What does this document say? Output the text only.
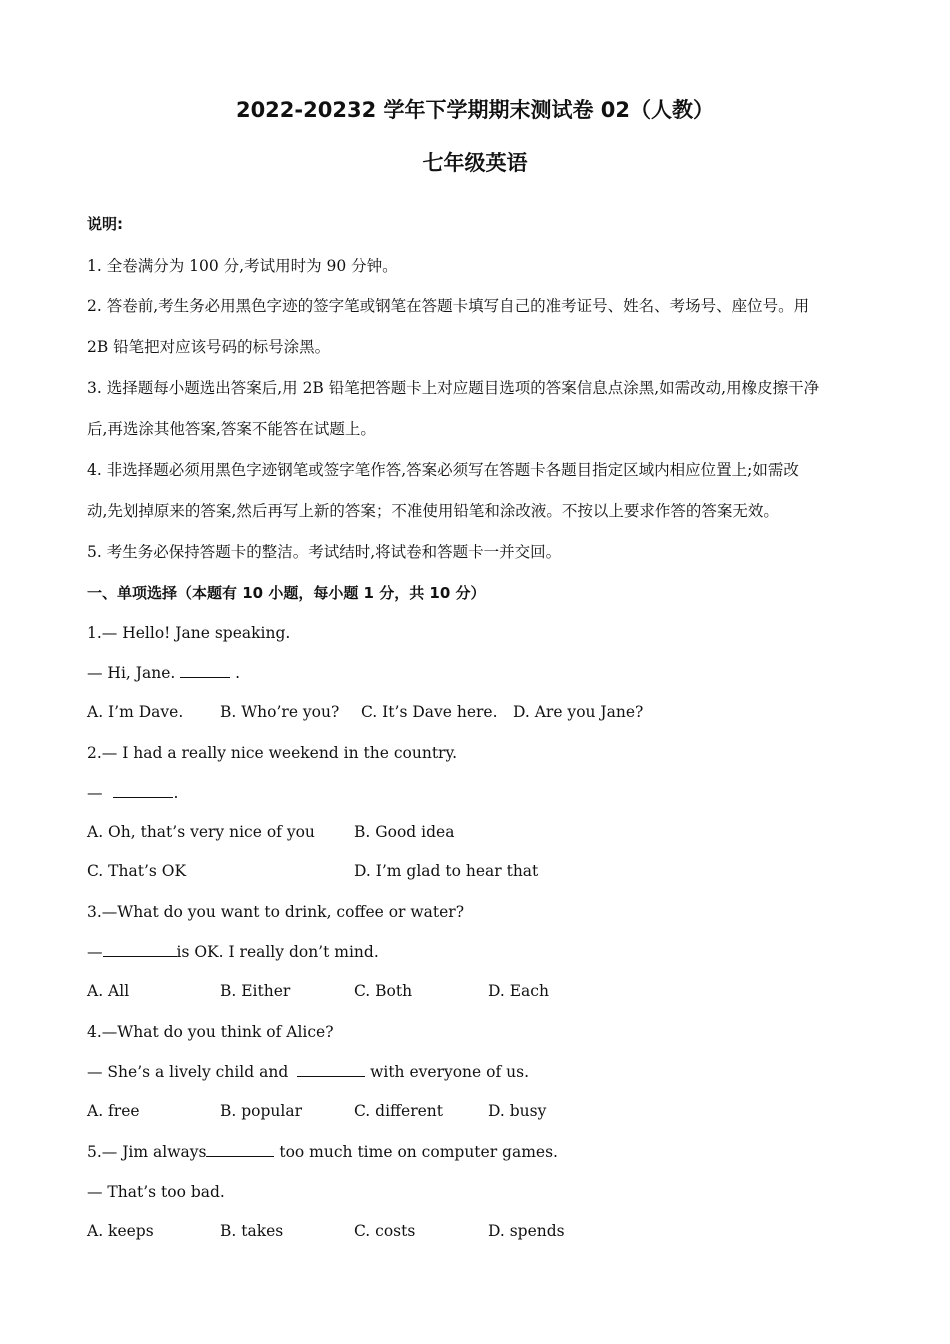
2022-20232 学年下学期期末测试卷 02（人教）
七年级英语
说明:
1. 全卷满分为 100 分,考试用时为 90 分钟。
2. 答卷前,考生务必用黑色字迹的签字笔或钢笔在答题卡填写自己的准考证号、姓名、考场号、座位号。用
2B 铅笔把对应该号码的标号涂黑。
3. 选择题每小题选出答案后,用 2B 铅笔把答题卡上对应题目选项的答案信息点涂黑,如需改动,用橡皮擦干净
后,再选涂其他答案,答案不能答在试题上。
4. 非选择题必须用黑色字迹钢笔或签字笔作答,答案必须写在答题卡各题目指定区域内相应位置上;如需改
动,先划掉原来的答案,然后再写上新的答案；不准使用铅笔和涂改液。不按以上要求作答的答案无效。
5. 考生务必保持答题卡的整洁。考试结时,将试卷和答题卡一并交回。
一、单项选择（本题有 10 小题，每小题 1 分，共 10 分）
1.— Hello! Jane speaking.
— Hi, Jane.	.
A. I’m Dave. B. Who’re you? C. It’s Dave here. D. Are you Jane?
2.— I had a really nice weekend in the country.
—	.
A. Oh, that’s very nice of you	B. Good idea
C. That’s OK	D. I’m glad to hear that
3.—What do you want to drink, coffee or water?
—	is OK. I really don’t mind.
A. All	B. Either	C. Both	D. Each
4.—What do you think of Alice?
— She’s a lively child and	with everyone of us.
A. free	B. popular	C. different	D. busy
5.— Jim always	too much time on computer games.
— That’s too bad.
A. keeps	B. takes	C. costs	D. spends
